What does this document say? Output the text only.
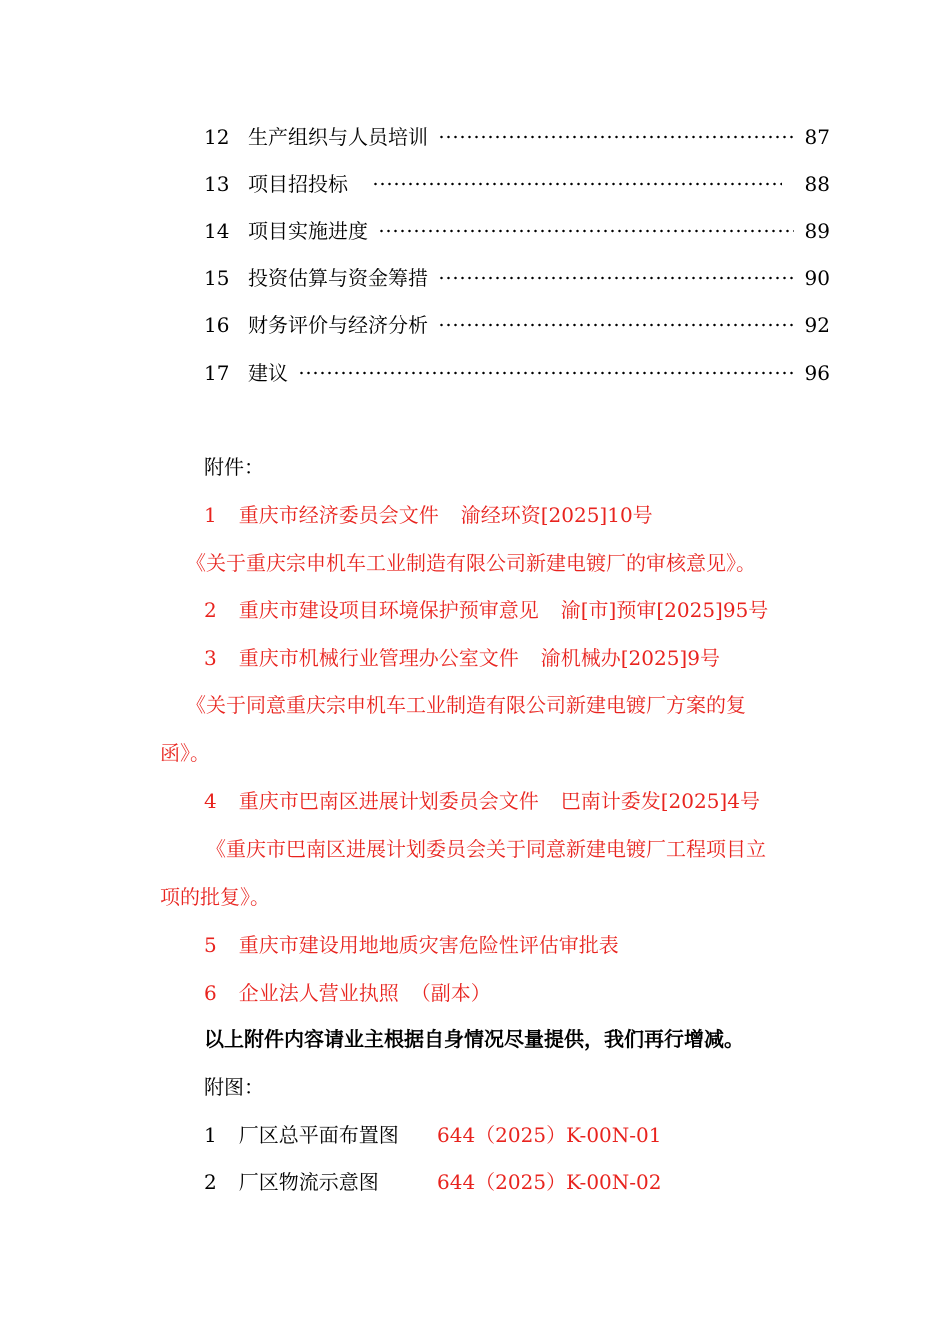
12 生产组织与人员培训	87
13 项目招投标	88
14 项目实施进度	89
15 投资估算与资金筹措	90
16 财务评价与经济分析	92
17 建议	96
附件：
1 重庆市经济委员会文件 渝经环资[2025]10号
《关于重庆宗申机车工业制造有限公司新建电镀厂的审核意见》。
2 重庆市建设项目环境保护预审意见 渝[市]预审[2025]95号
3 重庆市机械行业管理办公室文件 渝机械办[2025]9号
《关于同意重庆宗申机车工业制造有限公司新建电镀厂方案的复
函》。
4 重庆市巴南区进展计划委员会文件 巴南计委发[2025]4号
《重庆市巴南区进展计划委员会关于同意新建电镀厂工程项目立
项的批复》。
5 重庆市建设用地地质灾害危险性评估审批表
6 企业法人营业执照 （副本）
以上附件内容请业主根据自身情况尽量提供，我们再行增减。
附图：
1 厂区总平面布置图 644（2025）K-00N-01
2 厂区物流示意图	644（2025）K-00N-02
